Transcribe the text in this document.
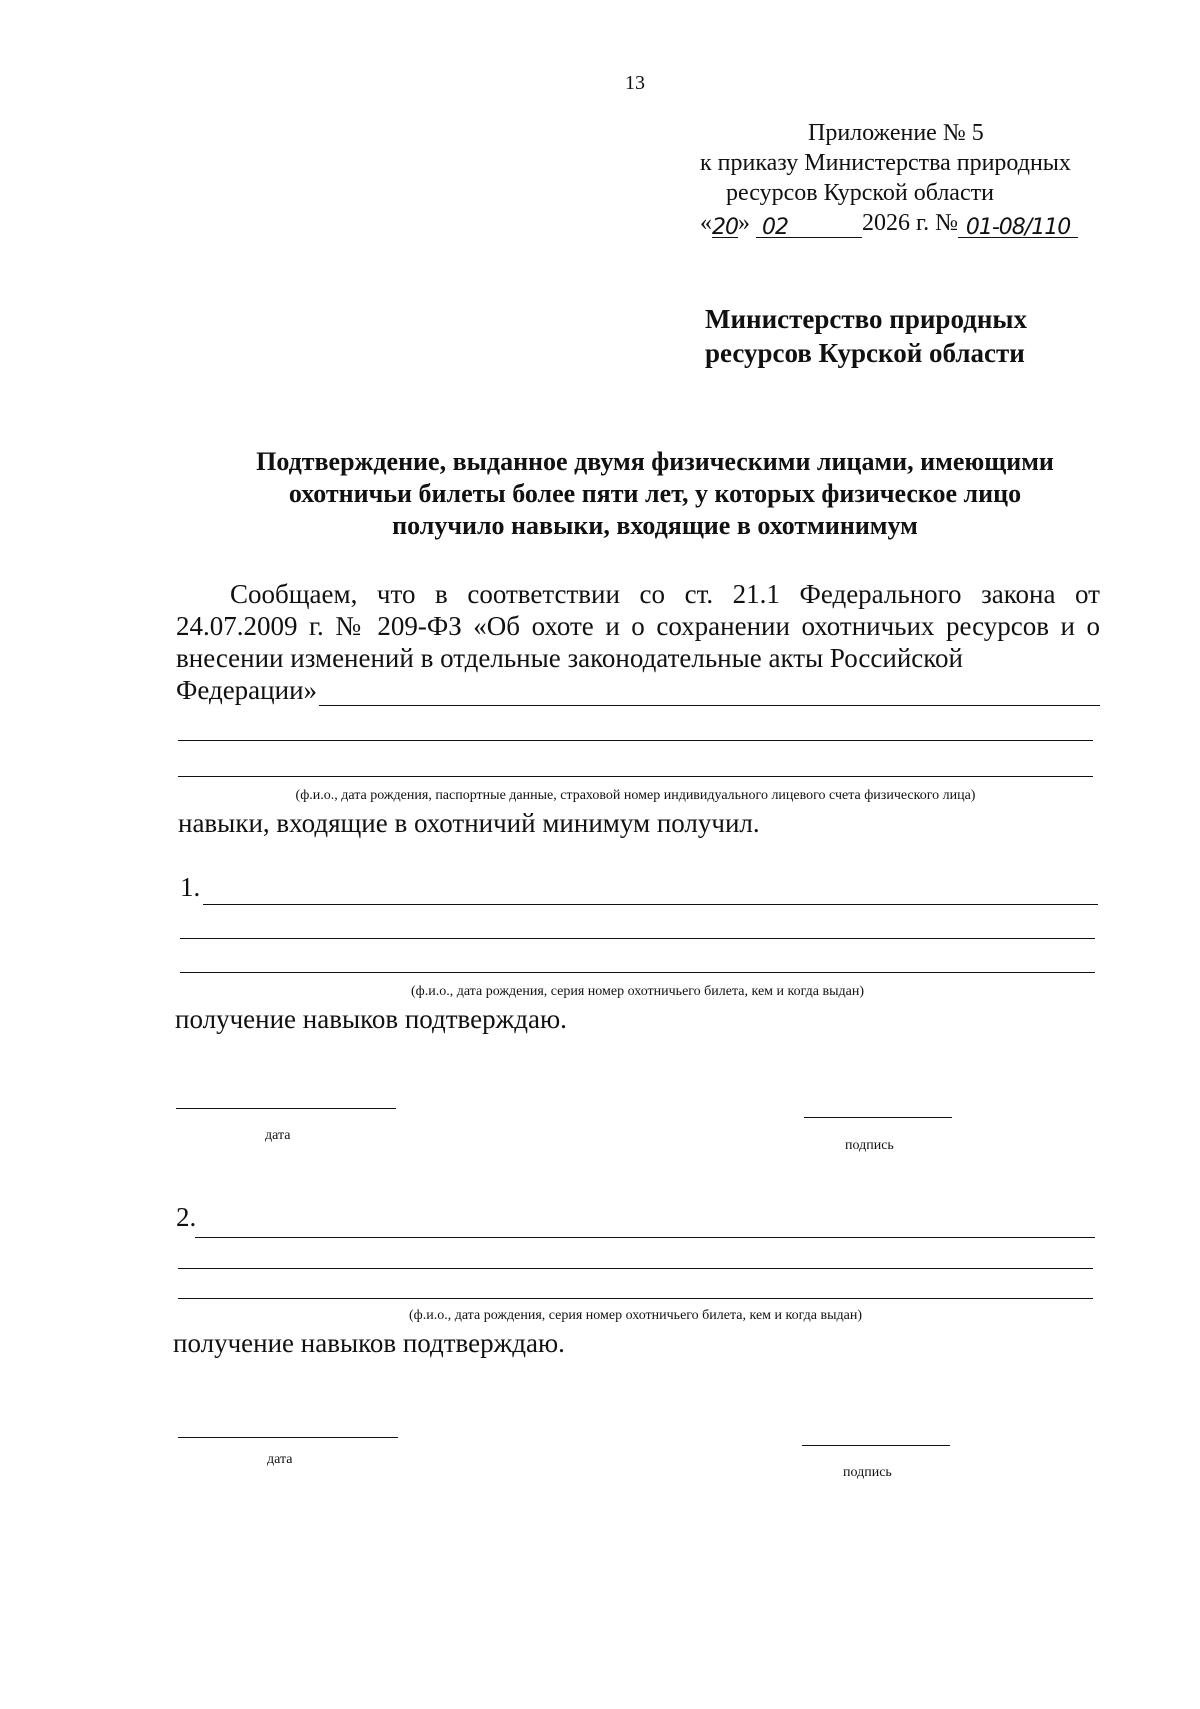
13
Приложение № 5
к приказу Министерства природных
ресурсов Курской области
«20» 02	2026 г. № 01-08/110
Министерство природных
ресурсов Курской области
Подтверждение, выданное двумя физическими лицами, имеющими
охотничьи билеты более пяти лет, у которых физическое лицо
получило навыки, входящие в охотминимум
Сообщаем, что в соответствии со ст. 21.1 Федерального закона от 24.07.2009 г. № 209-ФЗ «Об охоте и о сохранении охотничьих ресурсов и о внесении изменений в отдельные законодательные акты Российской
Федерации»
(ф.и.о., дата рождения, паспортные данные, страховой номер индивидуального лицевого счета физического лица)
навыки, входящие в охотничий минимум получил.
1.
(ф.и.о., дата рождения, серия номер охотничьего билета, кем и когда выдан)
получение навыков подтверждаю.
дата
подпись
2.
(ф.и.о., дата рождения, серия номер охотничьего билета, кем и когда выдан)
получение навыков подтверждаю.
дата
подпись
